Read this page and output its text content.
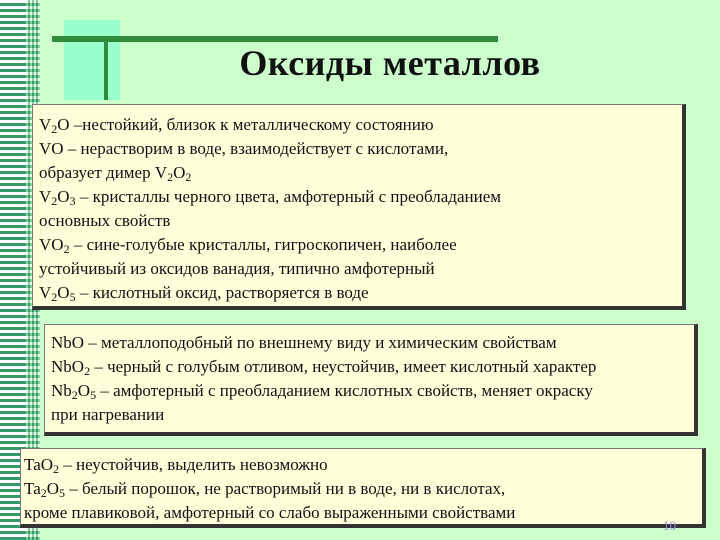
Оксиды металлов
$V_2O$ –нестойкий, близок к металлическому состоянию
VO – нерастворим в воде, взаимодействует с кислотами,
образует димер $V_2O_2$
$V_2O_3$ – кристаллы черного цвета, амфотерный с преобладанием
основных свойств
$VO_2$ – сине-голубые кристаллы, гигроскопичен, наиболее
устойчивый из оксидов ванадия, типично амфотерный
$V_2O_5$ – кислотный оксид, растворяется в воде
NbO – металлоподобный по внешнему виду и химическим свойствам
NbO$_2$ – черный с голубым отливом, неустойчив, имеет кислотный характер
$Nb_2O_5$ – амфотерный с преобладанием кислотных свойств, меняет окраску
при нагревании
TaO$_2$ – неустойчив, выделить невозможно
$Ta_2O_5$ – белый порошок, не растворимый ни в воде, ни в кислотах,
кроме плавиковой, амфотерный со слабо выраженными свойствами
10
